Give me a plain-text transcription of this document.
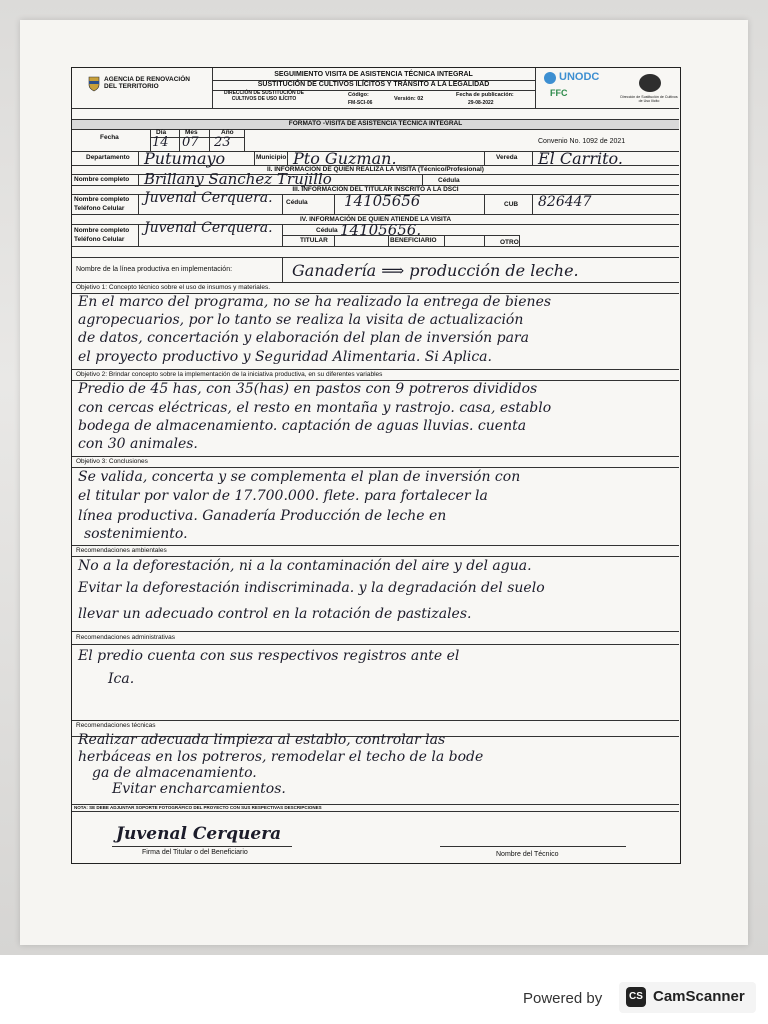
AGENCIA DE RENOVACIÓN DEL TERRITORIO
SEGUIMIENTO VISITA DE ASISTENCIA TÉCNICA INTEGRAL
SUSTITUCIÓN DE CULTIVOS ILÍCITOS Y TRÁNSITO A LA LEGALIDAD
DIRECCIÓN DE SUSTITUCIÓN DE CULTIVOS DE USO ILÍCITO
Código:
FM-SCI-06
Versión: 02
Fecha de publicación:
29-08-2022
UNODC
FFC	Dirección de Sustitución de Cultivos de Uso Ilícito
FORMATO -VISITA DE ASISTENCIA TÉCNICA INTEGRAL
Fecha
Día	Mes	Año
14 07 23	Convenio No. 1092 de 2021
Departamento Putumayo	Municipio Pto Guzman.	Vereda El Carrito.
II. INFORMACIÓN DE QUIEN REALIZA LA VISITA (Técnico/Profesional)
Nombre completo Brillany Sanchez Trujillo	Cédula
III. INFORMACIÓN DEL TITULAR INSCRITO A LA DSCI
Nombre completo
Teléfono Celular
Juvenal Cerquera. Cédula 14105656	CUB 826447
IV. INFORMACIÓN DE QUIEN ATIENDE LA VISITA
Nombre completo
Teléfono Celular
Juvenal Cerquera.	Cédula 14105656.
TITULAR	BENEFICIARIO	OTRO
Nombre de la línea productiva en implementación:	Ganadería ⟹ producción de leche.
Objetivo 1: Concepto técnico sobre el uso de insumos y materiales.
En el marco del programa, no se ha realizado la entrega de bienes
agropecuarios, por lo tanto se realiza la visita de actualización
de datos, concertación y elaboración del plan de inversión para
el proyecto productivo y Seguridad Alimentaria. Si Aplica.
Objetivo 2: Brindar concepto sobre la implementación de la iniciativa productiva, en su diferentes variables
Predio de 45 has, con 35(has) en pastos con 9 potreros divididos
con cercas eléctricas, el resto en montaña y rastrojo. casa, establo
bodega de almacenamiento. captación de aguas lluvias. cuenta
con 30 animales.
Objetivo 3: Conclusiones
Se valida, concerta y se complementa el plan de inversión con
el titular por valor de 17.700.000. flete. para fortalecer la
línea productiva. Ganadería Producción de leche en
sostenimiento.
Recomendaciones ambientales
No a la deforestación, ni a la contaminación del aire y del agua.
Evitar la deforestación indiscriminada. y la degradación del suelo
llevar un adecuado control en la rotación de pastizales.
Recomendaciones administrativas
El predio cuenta con sus respectivos registros ante el
Ica.
Recomendaciones técnicas
Realizar adecuada limpieza al establo, controlar las
herbáceas en los potreros, remodelar el techo de la bode
ga de almacenamiento.
Evitar encharcamientos.
NOTA: SE DEBE ADJUNTAR SOPORTE FOTOGRÁFICO DEL PROYECTO CON SUS RESPECTIVAS DESCRIPCIONES
Juvenal Cerquera
Firma del Titular o del Beneficiario	Nombre del Técnico
Powered by	CS CamScanner
